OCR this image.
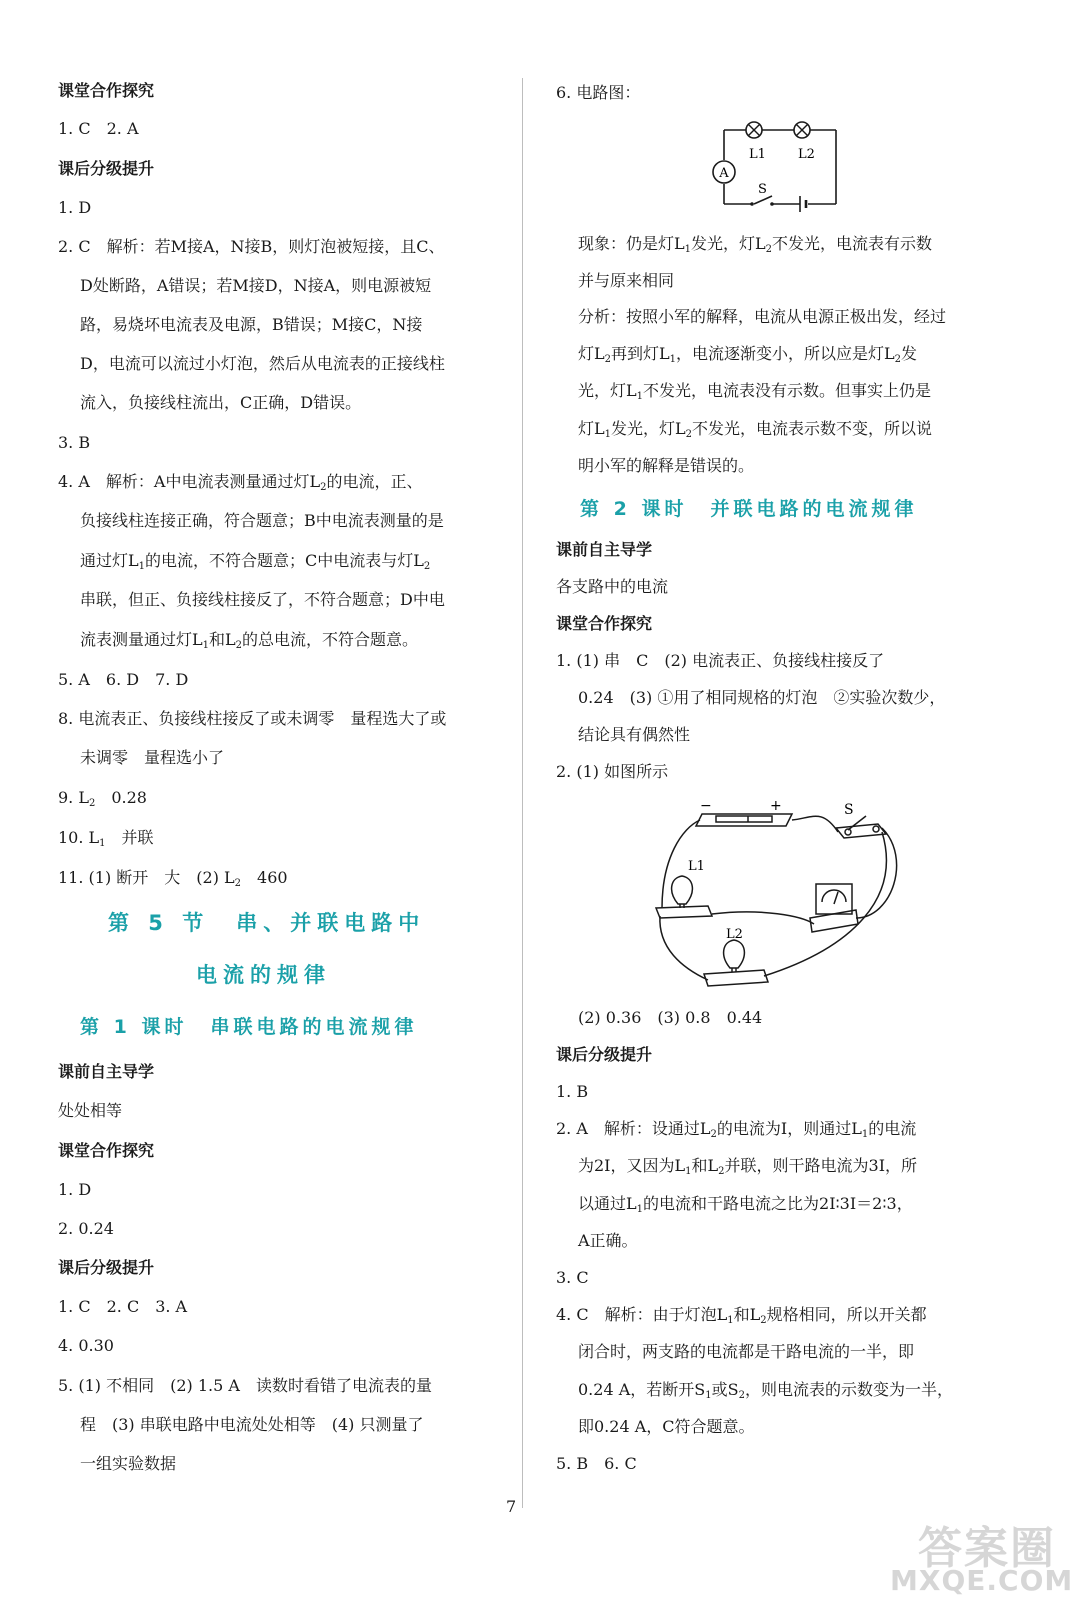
课堂合作探究
1. C　2. A
课后分级提升
1. D
2. C　解析：若M接A，N接B，则灯泡被短接，且C、
D处断路，A错误；若M接D，N接A，则电源被短
路，易烧坏电流表及电源，B错误；M接C，N接
D，电流可以流过小灯泡，然后从电流表的正接线柱
流入，负接线柱流出，C正确，D错误。
3. B
4. A　解析：A中电流表测量通过灯$L_2$的电流，正、
负接线柱连接正确，符合题意；B中电流表测量的是
通过灯$L_1$的电流，不符合题意；C中电流表与灯$L_2$
串联，但正、负接线柱接反了，不符合题意；D中电
流表测量通过灯$L_1$和$L_2$的总电流，不符合题意。
5. A　6. D　7. D
8. 电流表正、负接线柱接反了或未调零　量程选大了或
未调零　量程选小了
9. $L_2$　0.28
10. $L_1$　并联
11. (1) 断开　大　(2) $L_2$　460
第 5 节　串、并联电路中
电流的规律
第 1 课时　串联电路的电流规律
课前自主导学
处处相等
课堂合作探究
1. D
2. 0.24
课后分级提升
1. C　2. C　3. A
4. 0.30
5. (1) 不相同　(2) 1.5 A　读数时看错了电流表的量
程　(3) 串联电路中电流处处相等　(4) 只测量了
一组实验数据
6. 电路图：
A
L1 L2
S
现象：仍是灯$L_1$发光，灯$L_2$不发光，电流表有示数
并与原来相同
分析：按照小军的解释，电流从电源正极出发，经过
灯$L_2$再到灯$L_1$，电流逐渐变小，所以应是灯$L_2$发
光，灯$L_1$不发光，电流表没有示数。但事实上仍是
灯$L_1$发光，灯$L_2$不发光，电流表示数不变，所以说
明小军的解释是错误的。
第 2 课时　并联电路的电流规律
课前自主导学
各支路中的电流
课堂合作探究
1. (1) 串　C　(2) 电流表正、负接线柱接反了
0.24　(3) ①用了相同规格的灯泡　②实验次数少，
结论具有偶然性
2. (1) 如图所示
−	+	S
L1
L2
(2) 0.36　(3) 0.8　0.44
课后分级提升
1. B
2. A　解析：设通过$L_2$的电流为I，则通过$L_1$的电流
为2I，又因为$L_1$和$L_2$并联，则干路电流为3I，所
以通过$L_1$的电流和干路电流之比为2I∶3I＝2∶3，
A正确。
3. C
4. C　解析：由于灯泡$L_1$和$L_2$规格相同，所以开关都
闭合时，两支路的电流都是干路电流的一半，即
0.24 A，若断开$S_1$或$S_2$，则电流表的示数变为一半，
即0.24 A，C符合题意。
5. B　6. C
7
答案圈
MXQE.COM
